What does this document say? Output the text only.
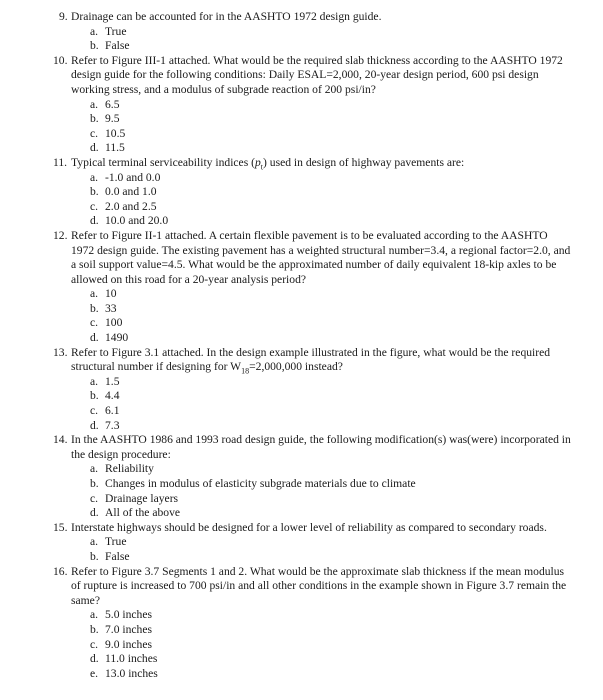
9. Drainage can be accounted for in the AASHTO 1972 design guide.
a. True
b. False
10. Refer to Figure III-1 attached. What would be the required slab thickness according to the AASHTO 1972 design guide for the following conditions: Daily ESAL=2,000, 20-year design period, 600 psi design working stress, and a modulus of subgrade reaction of 200 psi/in?
a. 6.5
b. 9.5
c. 10.5
d. 11.5
11. Typical terminal serviceability indices $(p_t)$ used in design of highway pavements are:
a. -1.0 and 0.0
b. 0.0 and 1.0
c. 2.0 and 2.5
d. 10.0 and 20.0
12. Refer to Figure II-1 attached. A certain flexible pavement is to be evaluated according to the AASHTO 1972 design guide. The existing pavement has a weighted structural number=3.4, a regional factor=2.0, and a soil support value=4.5. What would be the approximated number of daily equivalent 18-kip axles to be allowed on this road for a 20-year analysis period?
a. 10
b. 33
c. 100
d. 1490
13. Refer to Figure 3.1 attached. In the design example illustrated in the figure, what would be the required structural number if designing for $W_{18}=2,000,000$ instead?
a. 1.5
b. 4.4
c. 6.1
d. 7.3
14. In the AASHTO 1986 and 1993 road design guide, the following modification(s) was(were) incorporated in the design procedure:
a. Reliability
b. Changes in modulus of elasticity subgrade materials due to climate
c. Drainage layers
d. All of the above
15. Interstate highways should be designed for a lower level of reliability as compared to secondary roads.
a. True
b. False
16. Refer to Figure 3.7 Segments 1 and 2. What would be the approximate slab thickness if the mean modulus of rupture is increased to 700 psi/in and all other conditions in the example shown in Figure 3.7 remain the same?
a. 5.0 inches
b. 7.0 inches
c. 9.0 inches
d. 11.0 inches
e. 13.0 inches
